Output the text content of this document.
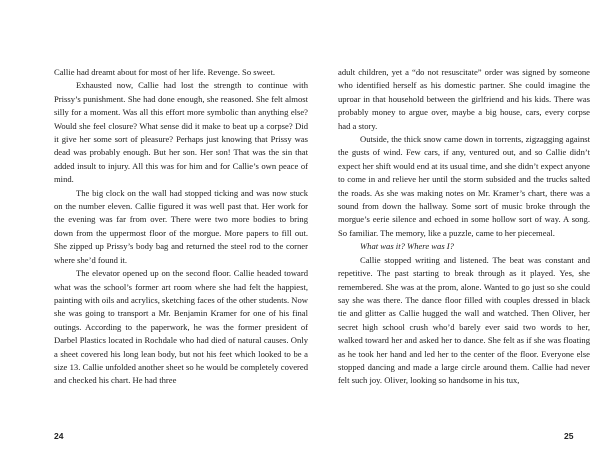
Callie had dreamt about for most of her life. Revenge. So sweet.

Exhausted now, Callie had lost the strength to continue with Prissy’s punishment. She had done enough, she reasoned. She felt almost silly for a moment. Was all this effort more symbolic than anything else? Would she feel closure? What sense did it make to beat up a corpse? Did it give her some sort of pleasure? Perhaps just knowing that Prissy was dead was probably enough. But her son. Her son! That was the sin that added insult to injury. All this was for him and for Callie’s own peace of mind.

The big clock on the wall had stopped ticking and was now stuck on the number eleven. Callie figured it was well past that. Her work for the evening was far from over. There were two more bodies to bring down from the uppermost floor of the morgue. More papers to fill out. She zipped up Prissy’s body bag and returned the steel rod to the corner where she’d found it.

The elevator opened up on the second floor. Callie headed toward what was the school’s former art room where she had felt the happiest, painting with oils and acrylics, sketching faces of the other students. Now she was going to transport a Mr. Benjamin Kramer for one of his final outings. According to the paperwork, he was the former president of Darbel Plastics located in Rochdale who had died of natural causes. Only a sheet covered his long lean body, but not his feet which looked to be a size 13. Callie unfolded another sheet so he would be completely covered and checked his chart. He had three

24

adult children, yet a “do not resuscitate” order was signed by someone who identified herself as his domestic partner. She could imagine the uproar in that household between the girlfriend and his kids. There was probably money to argue over, maybe a big house, cars, every corpse had a story.

Outside, the thick snow came down in torrents, zigzagging against the gusts of wind. Few cars, if any, ventured out, and so Callie didn’t expect her shift would end at its usual time, and she didn’t expect anyone to come in and relieve her until the storm subsided and the trucks salted the roads. As she was making notes on Mr. Kramer’s chart, there was a sound from down the hallway. Some sort of music broke through the morgue’s eerie silence and echoed in some hollow sort of way. A song. So familiar. The memory, like a puzzle, came to her piecemeal.

What was it? Where was I?

Callie stopped writing and listened. The beat was constant and repetitive. The past starting to break through as it played. Yes, she remembered. She was at the prom, alone. Wanted to go just so she could say she was there. The dance floor filled with couples dressed in black tie and glitter as Callie hugged the wall and watched. Then Oliver, her secret high school crush who’d barely ever said two words to her, walked toward her and asked her to dance. She felt as if she was floating as he took her hand and led her to the center of the floor. Everyone else stopped dancing and made a large circle around them. Callie had never felt such joy. Oliver, looking so handsome in his tux,

25
